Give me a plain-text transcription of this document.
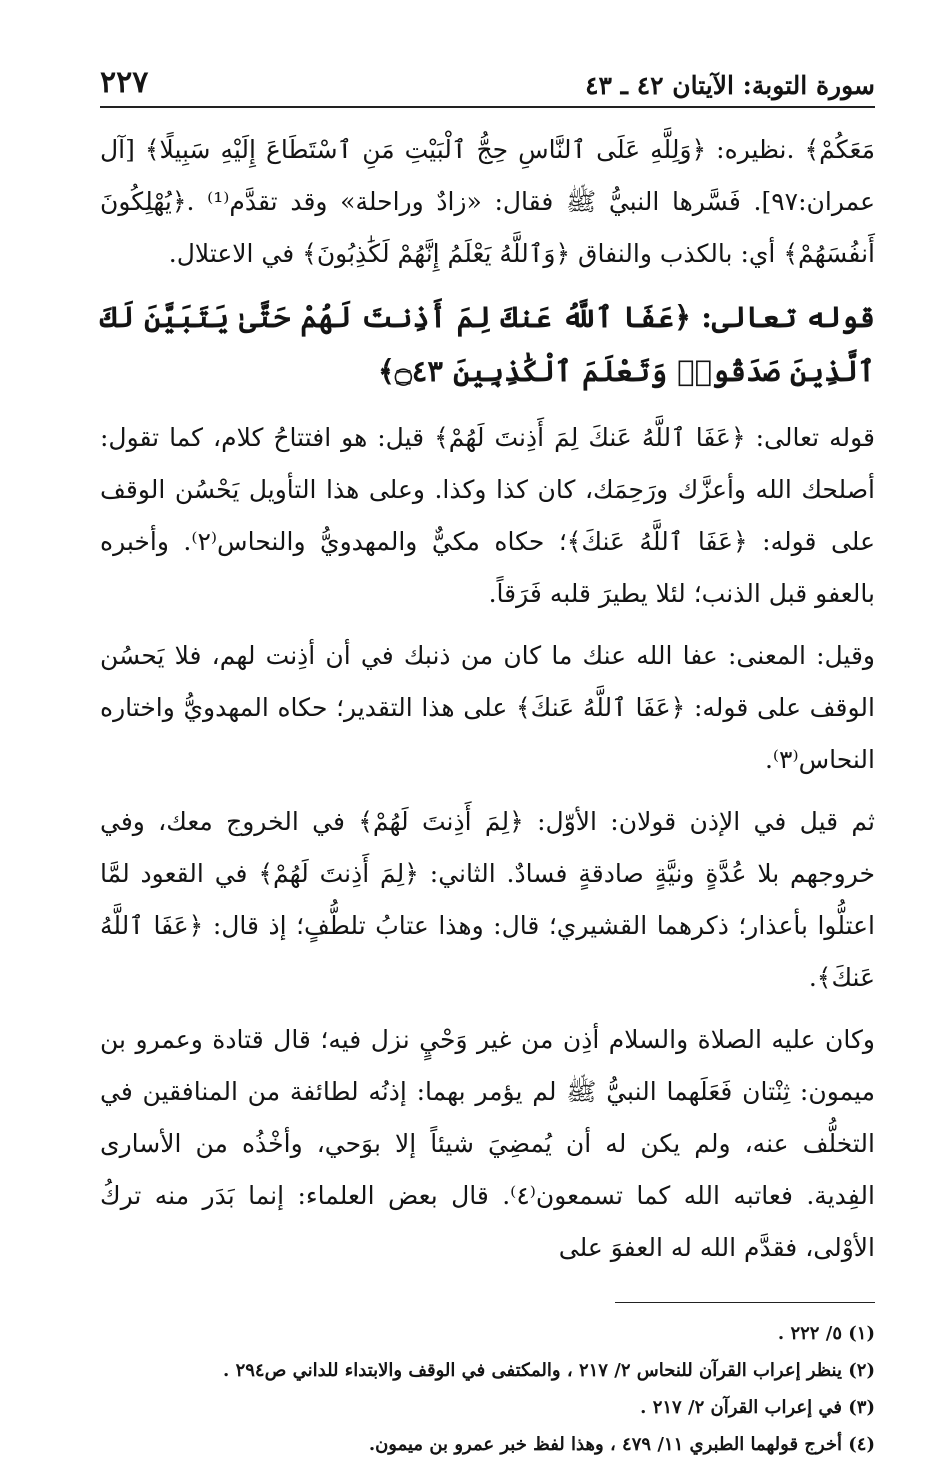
سورة التوبة: الآيتان ٤٢ ـ ٤٣
٢٢٧

مَعَكُمْ﴾ .نظيره: ﴿وَلِلَّهِ عَلَى ٱلنَّاسِ حِجُّ ٱلْبَيْتِ مَنِ ٱسْتَطَاعَ إِلَيْهِ سَبِيلًا﴾ [آل عمران:٩٧]. فَسَّرها النبيُّ ﷺ فقال: «زادٌ وراحلة» وقد تقدَّم⁽¹⁾ .﴿يُهْلِكُونَ أَنفُسَهُمْ﴾ أي: بالكذب والنفاق ﴿وَٱللَّهُ يَعْلَمُ إِنَّهُمْ لَكَٰذِبُونَ﴾ في الاعتلال.

قوله تعالى: ﴿عَفَا ٱللَّهُ عَنكَ لِمَ أَذِنتَ لَهُمْ حَتَّىٰ يَتَبَيَّنَ لَكَ ٱلَّذِينَ صَدَقُوا۟ وَتَعْلَمَ ٱلْكَٰذِبِينَ ۝٤٣﴾

قوله تعالى: ﴿عَفَا ٱللَّهُ عَنكَ لِمَ أَذِنتَ لَهُمْ﴾ قيل: هو افتتاحُ كلام، كما تقول: أصلحك الله وأعزَّك ورَحِمَك، كان كذا وكذا. وعلى هذا التأويل يَحْسُن الوقف على قوله: ﴿عَفَا ٱللَّهُ عَنكَ﴾؛ حكاه مكيٌّ والمهدويُّ والنحاس⁽٢⁾. وأخبره بالعفو قبل الذنب؛ لئلا يطيرَ قلبه فَرَقاً.

وقيل: المعنى: عفا الله عنك ما كان من ذنبك في أن أذِنت لهم، فلا يَحسُن الوقف على قوله: ﴿عَفَا ٱللَّهُ عَنكَ﴾ على هذا التقدير؛ حكاه المهدويُّ واختاره النحاس⁽٣⁾.

ثم قيل في الإذن قولان: الأوّل: ﴿لِمَ أَذِنتَ لَهُمْ﴾ في الخروج معك، وفي خروجهم بلا عُدَّةٍ ونيَّةٍ صادقةٍ فسادٌ. الثاني: ﴿لِمَ أَذِنتَ لَهُمْ﴾ في القعود لمَّا اعتلُّوا بأعذار؛ ذكرهما القشيري؛ قال: وهذا عتابُ تلطُّفٍ؛ إذ قال: ﴿عَفَا ٱللَّهُ عَنكَ﴾.

وكان عليه الصلاة والسلام أذِن من غير وَحْيٍ نزل فيه؛ قال قتادة وعمرو بن ميمون: ثِنْتان فَعَلَهما النبيُّ ﷺ لم يؤمر بهما: إذنُه لطائفة من المنافقين في التخلُّف عنه، ولم يكن له أن يُمضِيَ شيئاً إلا بوَحي، وأخْذُه من الأسارى الفِدية. فعاتبه الله كما تسمعون⁽٤⁾. قال بعض العلماء: إنما بَدَر منه تركُ الأوْلى، فقدَّم الله له العفوَ على

(١) ٥/ ٢٢٢ .

(٢) ينظر إعراب القرآن للنحاس ٢/ ٢١٧ ، والمكتفى في الوقف والابتداء للداني ص٢٩٤ .

(٣) في إعراب القرآن ٢/ ٢١٧ .

(٤) أخرج قولهما الطبري ١١/ ٤٧٩ ، وهذا لفظ خبر عمرو بن ميمون.
